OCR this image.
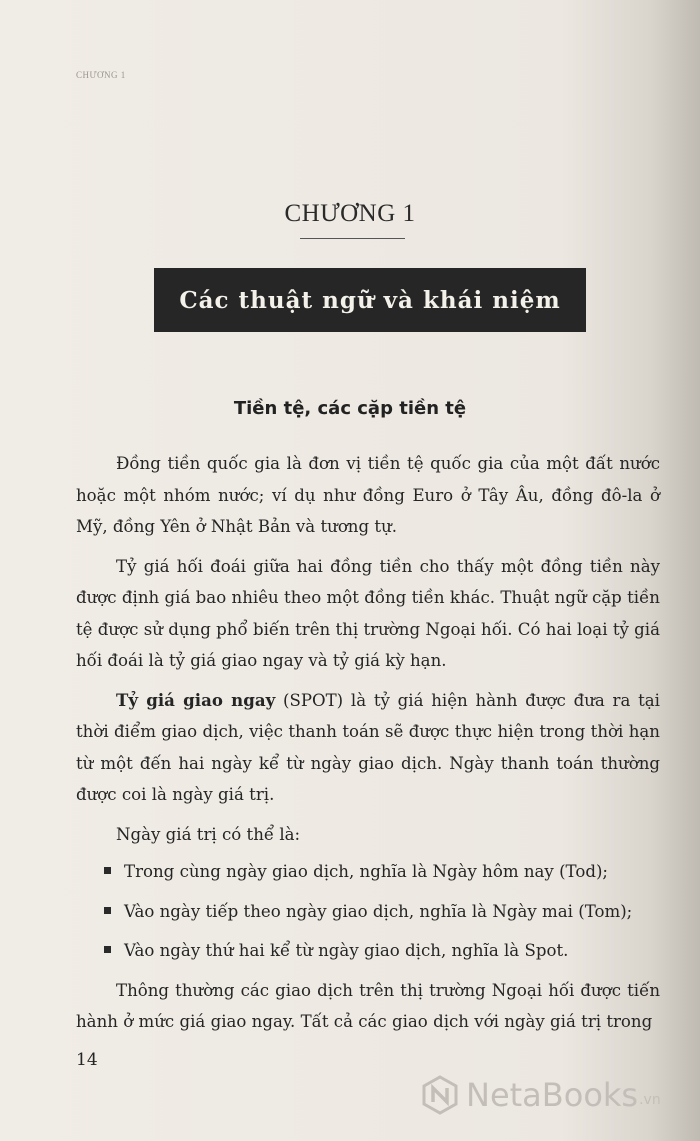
CHƯƠNG 1
CHƯƠNG 1
Các thuật ngữ và khái niệm
Tiền tệ, các cặp tiền tệ

Đồng tiền quốc gia là đơn vị tiền tệ quốc gia của một đất nước hoặc một nhóm nước; ví dụ như đồng Euro ở Tây Âu, đồng đô-la ở Mỹ, đồng Yên ở Nhật Bản và tương tự.

Tỷ giá hối đoái giữa hai đồng tiền cho thấy một đồng tiền này được định giá bao nhiêu theo một đồng tiền khác. Thuật ngữ cặp tiền tệ được sử dụng phổ biến trên thị trường Ngoại hối. Có hai loại tỷ giá hối đoái là tỷ giá giao ngay và tỷ giá kỳ hạn.

Tỷ giá giao ngay (SPOT) là tỷ giá hiện hành được đưa ra tại thời điểm giao dịch, việc thanh toán sẽ được thực hiện trong thời hạn từ một đến hai ngày kể từ ngày giao dịch. Ngày thanh toán thường được coi là ngày giá trị.

Ngày giá trị có thể là:

Trong cùng ngày giao dịch, nghĩa là Ngày hôm nay (Tod);
Vào ngày tiếp theo ngày giao dịch, nghĩa là Ngày mai (Tom);
Vào ngày thứ hai kể từ ngày giao dịch, nghĩa là Spot.

Thông thường các giao dịch trên thị trường Ngoại hối được tiến hành ở mức giá giao ngay. Tất cả các giao dịch với ngày giá trị trong

14
NetaBooks .vn
